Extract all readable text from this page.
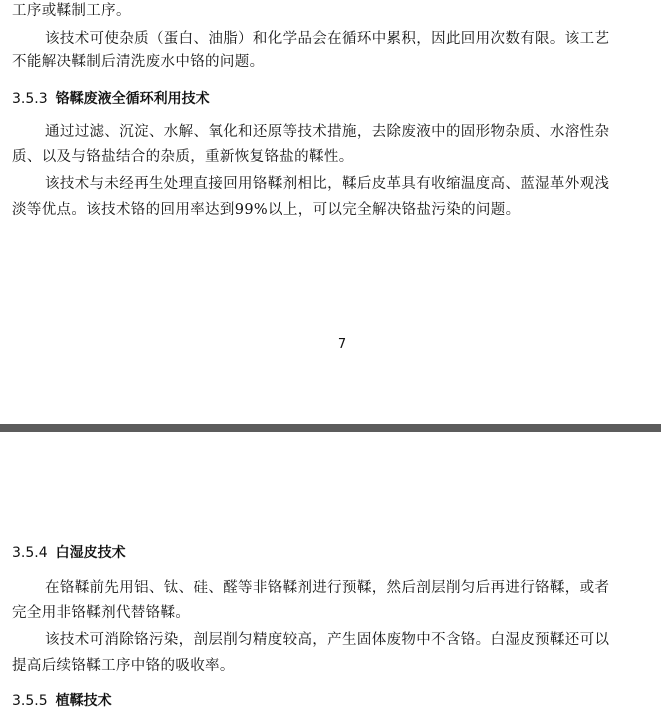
工序或鞣制工序。
该技术可使杂质（蛋白、油脂）和化学品会在循环中累积，因此回用次数有限。该工艺
不能解决鞣制后清洗废水中铬的问题。
3.5.3 铬鞣废液全循环利用技术
通过过滤、沉淀、水解、氧化和还原等技术措施，去除废液中的固形物杂质、水溶性杂
质、以及与铬盐结合的杂质，重新恢复铬盐的鞣性。
该技术与未经再生处理直接回用铬鞣剂相比，鞣后皮革具有收缩温度高、蓝湿革外观浅
淡等优点。该技术铬的回用率达到99%以上，可以完全解决铬盐污染的问题。
7
3.5.4 白湿皮技术
在铬鞣前先用铝、钛、硅、醛等非铬鞣剂进行预鞣，然后剖层削匀后再进行铬鞣，或者
完全用非铬鞣剂代替铬鞣。
该技术可消除铬污染，剖层削匀精度较高，产生固体废物中不含铬。白湿皮预鞣还可以
提高后续铬鞣工序中铬的吸收率。
3.5.5 植鞣技术
